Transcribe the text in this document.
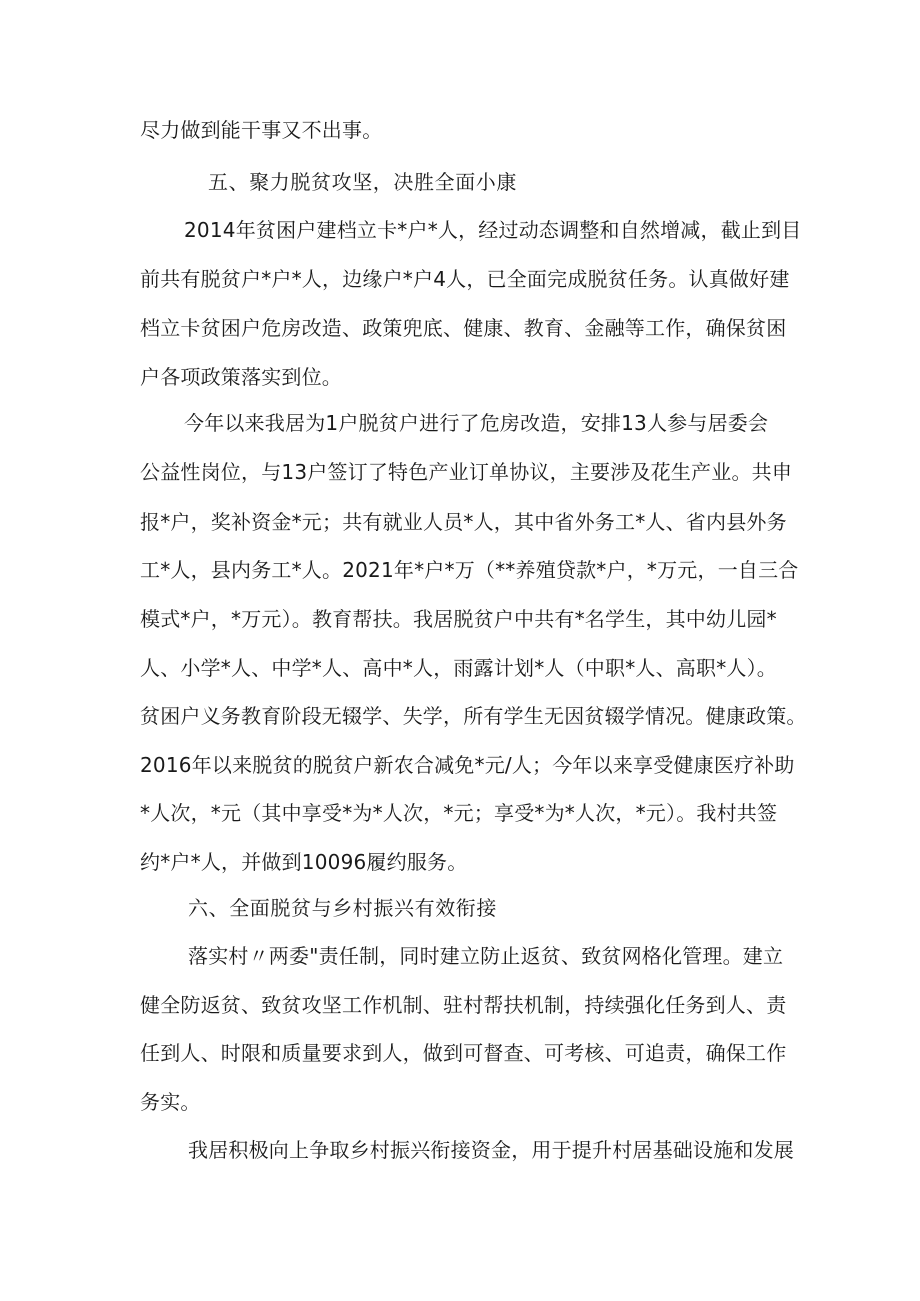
尽力做到能干事又不出事。
五、聚力脱贫攻坚，决胜全面小康
2014年贫困户建档立卡*户*人，经过动态调整和自然增减，截止到目
前共有脱贫户*户*人，边缘户*户4人，已全面完成脱贫任务。认真做好建
档立卡贫困户危房改造、政策兜底、健康、教育、金融等工作，确保贫困
户各项政策落实到位。
今年以来我居为1户脱贫户进行了危房改造，安排13人参与居委会
公益性岗位，与13户签订了特色产业订单协议，主要涉及花生产业。共申
报*户，奖补资金*元；共有就业人员*人，其中省外务工*人、省内县外务
工*人，县内务工*人。2021年*户*万（**养殖贷款*户，*万元，一自三合
模式*户，*万元）。教育帮扶。我居脱贫户中共有*名学生，其中幼儿园*
人、小学*人、中学*人、高中*人，雨露计划*人（中职*人、高职*人）。
贫困户义务教育阶段无辍学、失学，所有学生无因贫辍学情况。健康政策。
2016年以来脱贫的脱贫户新农合减免*元/人；今年以来享受健康医疗补助
*人次，*元（其中享受*为*人次，*元；享受*为*人次，*元）。我村共签
约*户*人，并做到10096履约服务。
六、全面脱贫与乡村振兴有效衔接
落实村〃两委"责任制，同时建立防止返贫、致贫网格化管理。建立
健全防返贫、致贫攻坚工作机制、驻村帮扶机制，持续强化任务到人、责
任到人、时限和质量要求到人，做到可督查、可考核、可追责，确保工作
务实。
我居积极向上争取乡村振兴衔接资金，用于提升村居基础设施和发展
